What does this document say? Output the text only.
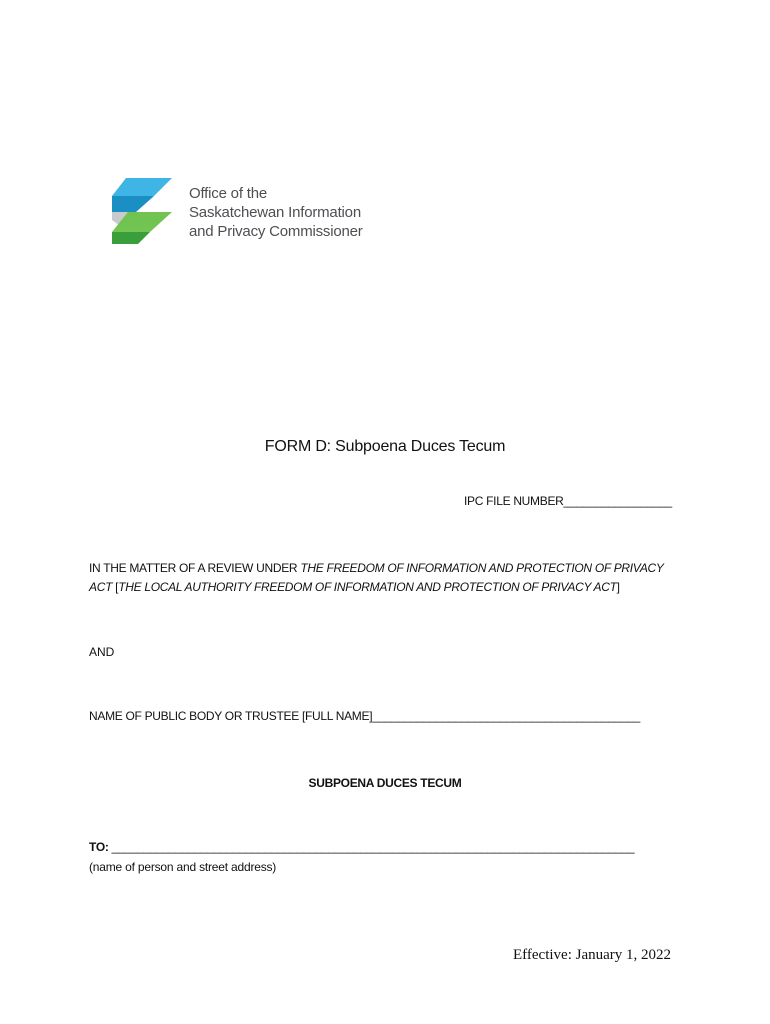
Office of the
Saskatchewan Information
and Privacy Commissioner
FORM D: Subpoena Duces Tecum
IPC FILE NUMBER_________________
IN THE MATTER OF A REVIEW UNDER THE FREEDOM OF INFORMATION AND PROTECTION OF PRIVACY
ACT [THE LOCAL AUTHORITY FREEDOM OF INFORMATION AND PROTECTION OF PRIVACY ACT]
AND
NAME OF PUBLIC BODY OR TRUSTEE [FULL NAME]__________________________________________
SUBPOENA DUCES TECUM
TO: __________________________________________________________________________________
(name of person and street address)
Effective: January 1, 2022
